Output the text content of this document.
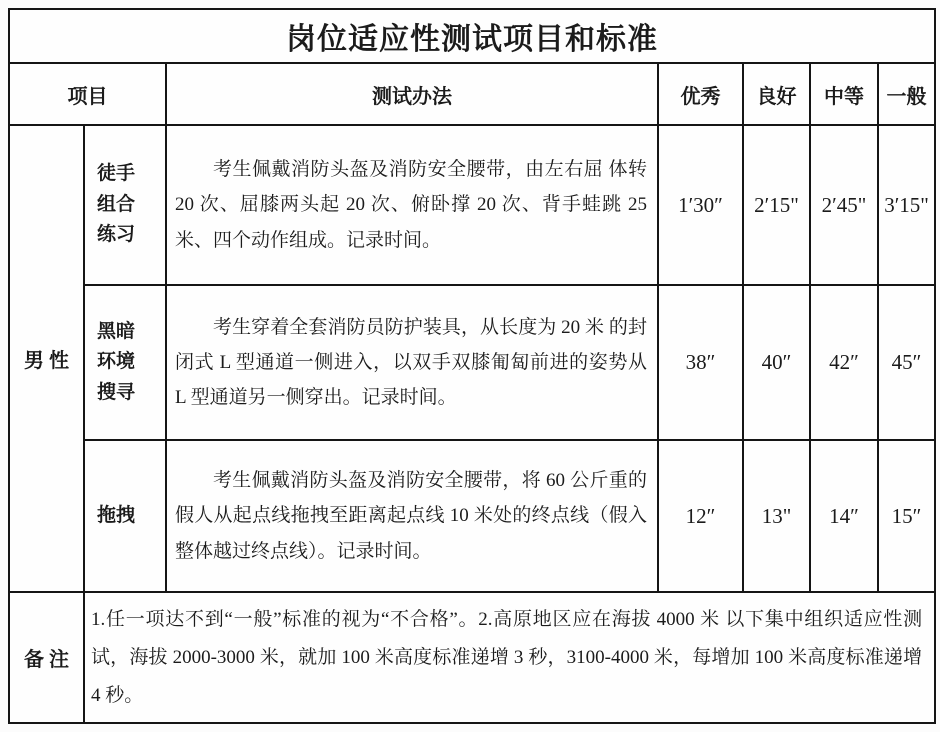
岗位适应性测试项目和标准						
项目		测试办法	优秀	良好	中等	一般
男 性	徒手组合练习	考生佩戴消防头盔及消防安全腰带，由左右屈 体转 20 次、屈膝两头起 20 次、俯卧撑 20 次、背手蛙跳 25 米、四个动作组成。记录时间。	1′30″	2′15"	2′45"	3′15"
	黑暗环境搜寻	考生穿着全套消防员防护装具，从长度为 20 米 的封闭式 L 型通道一侧进入，以双手双膝匍匐前进的姿势从 L 型通道另一侧穿出。记录时间。	38″	40″	42″	45″
	拖拽	考生佩戴消防头盔及消防安全腰带，将 60 公斤重的假人从起点线拖拽至距离起点线 10 米处的终点线（假入整体越过终点线）。记录时间。	12″	13"	14″	15″
备 注	1.任一项达不到“一般”标准的视为“不合格”。2.高原地区应在海拔 4000 米 以下集中组织适应性测试，海拔 2000-3000 米，就加 100 米高度标准递增 3 秒，3100-4000 米，每增加 100 米高度标准递增 4 秒。					
